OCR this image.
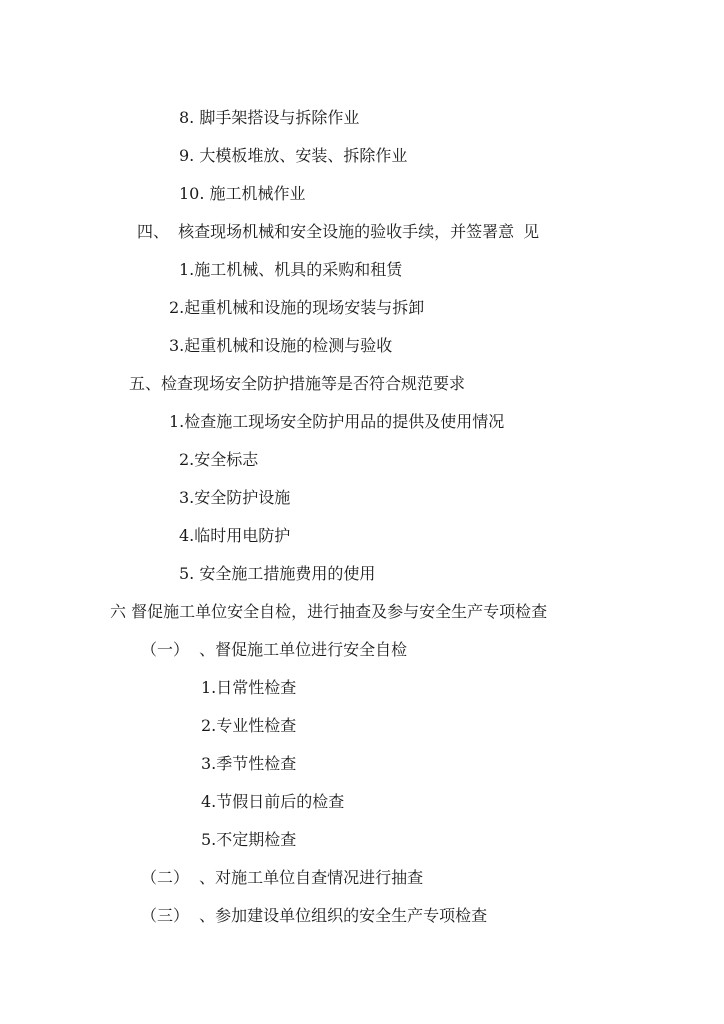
8. 脚手架搭设与拆除作业
9. 大模板堆放、安装、拆除作业
10. 施工机械作业
四、 核查现场机械和安全设施的验收手续，并签署意 见
1.施工机械、机具的采购和租赁
2.起重机械和设施的现场安装与拆卸
3.起重机械和设施的检测与验收
五、检查现场安全防护措施等是否符合规范要求
1.检查施工现场安全防护用品的提供及使用情况
2.安全标志
3.安全防护设施
4.临时用电防护
5. 安全施工措施费用的使用
六 督促施工单位安全自检，进行抽查及参与安全生产专项检查
（一）  、督促施工单位进行安全自检
1.日常性检查
2.专业性检查
3.季节性检查
4.节假日前后的检查
5.不定期检查
（二）  、对施工单位自查情况进行抽查
（三）  、参加建设单位组织的安全生产专项检查
